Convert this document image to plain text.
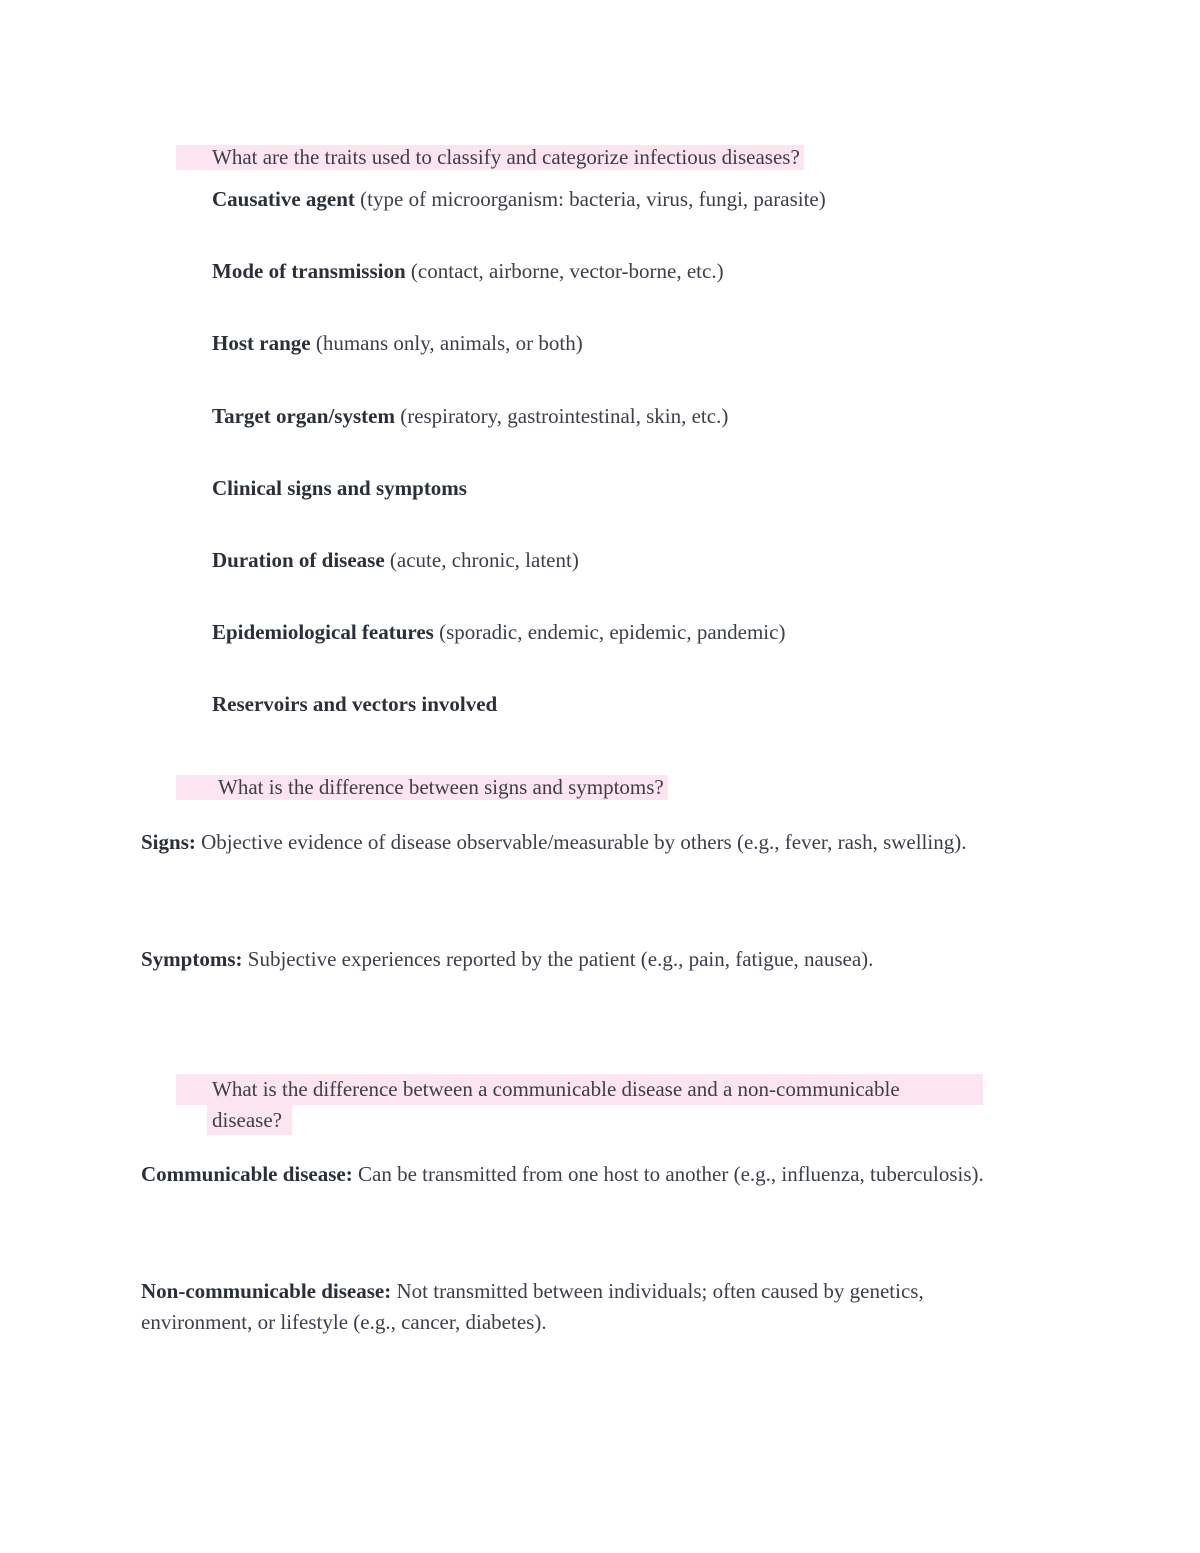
What are the traits used to classify and categorize infectious diseases?
Causative agent (type of microorganism: bacteria, virus, fungi, parasite)
Mode of transmission (contact, airborne, vector-borne, etc.)
Host range (humans only, animals, or both)
Target organ/system (respiratory, gastrointestinal, skin, etc.)
Clinical signs and symptoms
Duration of disease (acute, chronic, latent)
Epidemiological features (sporadic, endemic, epidemic, pandemic)
Reservoirs and vectors involved
What is the difference between signs and symptoms?
Signs: Objective evidence of disease observable/measurable by others (e.g., fever, rash, swelling).
Symptoms: Subjective experiences reported by the patient (e.g., pain, fatigue, nausea).
What is the difference between a communicable disease and a non-communicable
disease?
Communicable disease: Can be transmitted from one host to another (e.g., influenza, tuberculosis).
Non-communicable disease: Not transmitted between individuals; often caused by genetics, environment, or lifestyle (e.g., cancer, diabetes).
